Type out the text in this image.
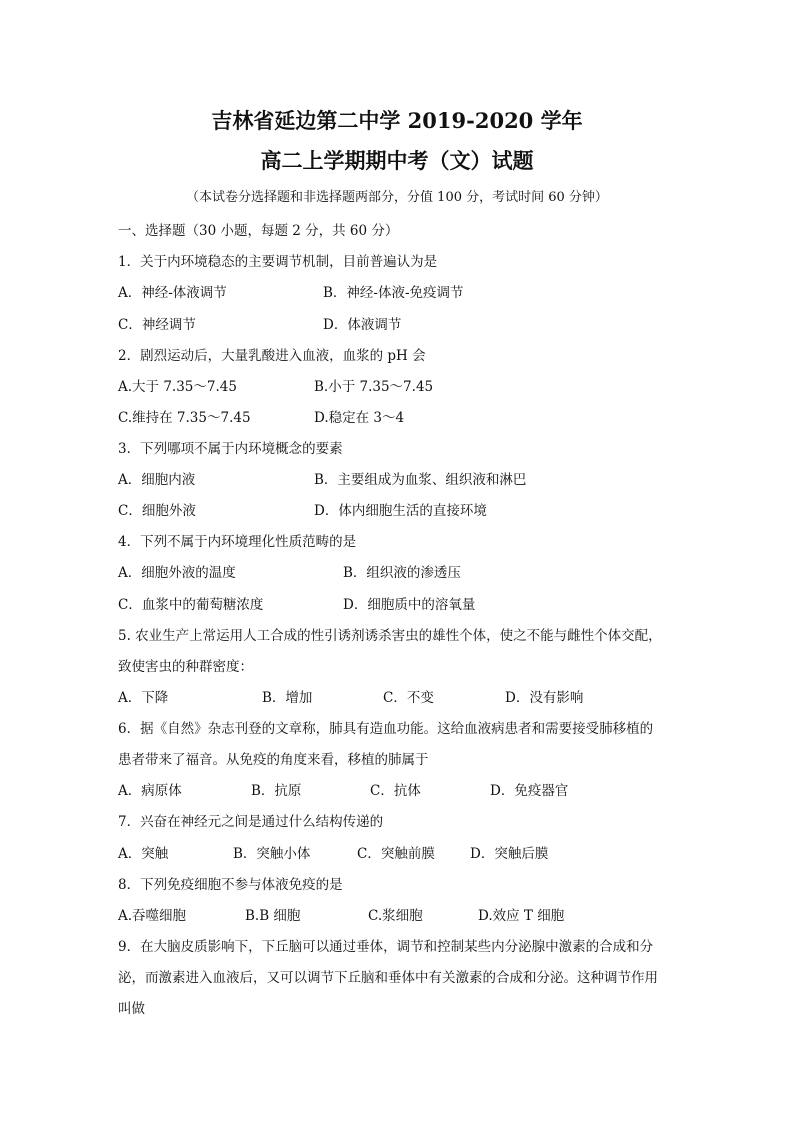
吉林省延边第二中学 2019-2020 学年
高二上学期期中考（文）试题
（本试卷分选择题和非选择题两部分，分值 100 分，考试时间 60 分钟）
一、选择题（30 小题，每题 2 分，共 60 分）
1．关于内环境稳态的主要调节机制，目前普遍认为是
A．神经-体液调节	B．神经-体液-免疫调节
C．神经调节	D．体液调节
2．剧烈运动后，大量乳酸进入血液，血浆的 pH 会
A.大于 7.35～7.45	B.小于 7.35～7.45
C.维持在 7.35～7.45	D.稳定在 3～4
3．下列哪项不属于内环境概念的要素
A．细胞内液	B．主要组成为血浆、组织液和淋巴
C．细胞外液	D．体内细胞生活的直接环境
4．下列不属于内环境理化性质范畴的是
A．细胞外液的温度	B．组织液的渗透压
C．血浆中的葡萄糖浓度	D．细胞质中的溶氧量
5. 农业生产上常运用人工合成的性引诱剂诱杀害虫的雄性个体，使之不能与雌性个体交配，
致使害虫的种群密度：
A．下降	B．增加	C．不变	D．没有影响
6．据《自然》杂志刊登的文章称，肺具有造血功能。这给血液病患者和需要接受肺移植的
患者带来了福音。从免疫的角度来看，移植的肺属于
A．病原体	B．抗原	C．抗体	D．免疫器官
7．兴奋在神经元之间是通过什么结构传递的
A．突触	B．突触小体	C．突触前膜	D．突触后膜
8．下列免疫细胞不参与体液免疫的是
A.吞噬细胞	B.B 细胞	C.浆细胞	D.效应 T 细胞
9．在大脑皮质影响下，下丘脑可以通过垂体，调节和控制某些内分泌腺中激素的合成和分
泌，而激素进入血液后，又可以调节下丘脑和垂体中有关激素的合成和分泌。这种调节作用
叫做
